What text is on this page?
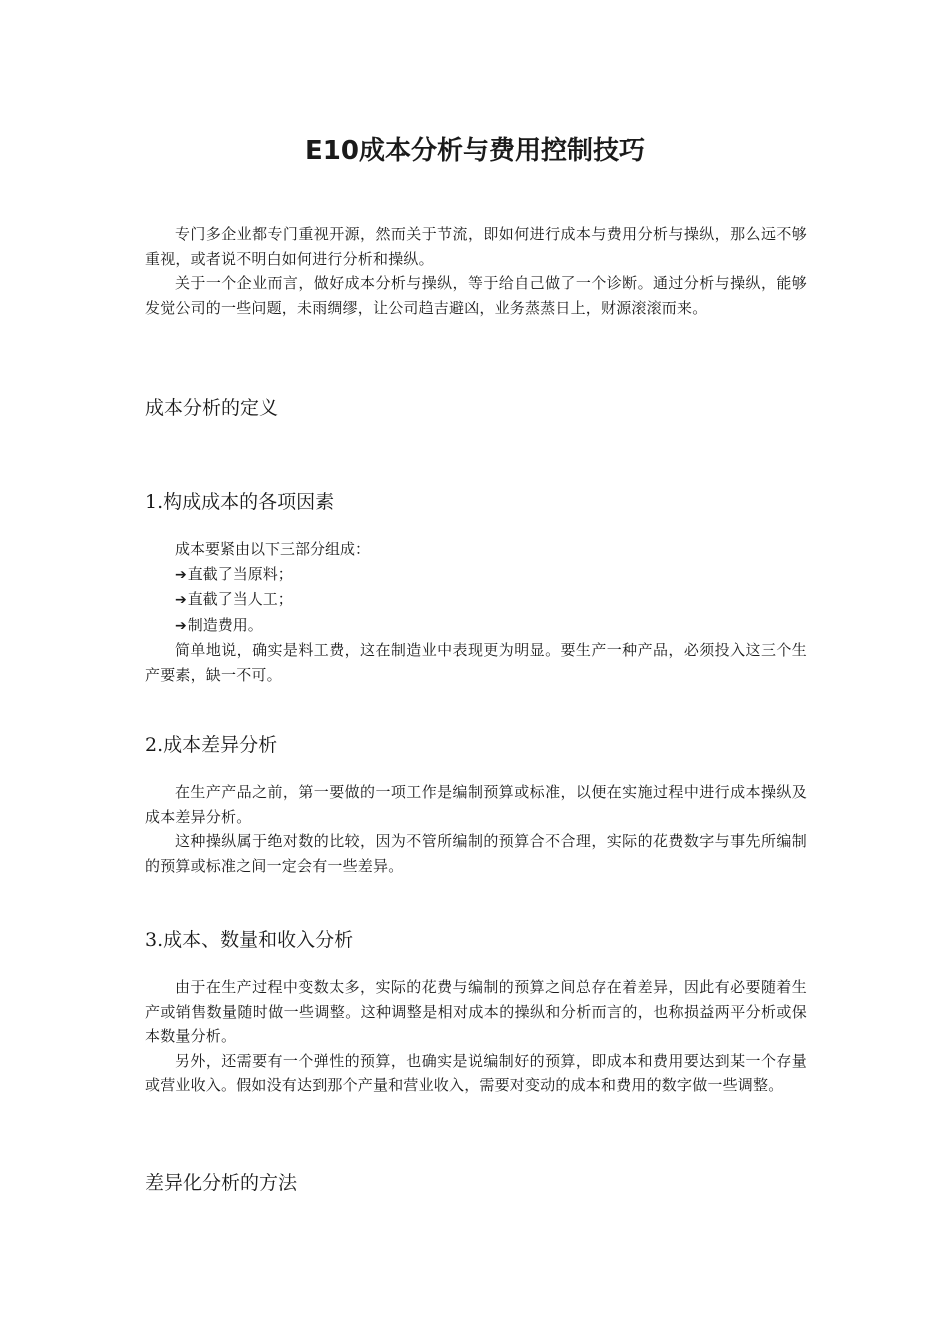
E10成本分析与费用控制技巧

专门多企业都专门重视开源，然而关于节流，即如何进行成本与费用分析与操纵，那么远不够重视，或者说不明白如何进行分析和操纵。

关于一个企业而言，做好成本分析与操纵，等于给自己做了一个诊断。通过分析与操纵，能够发觉公司的一些问题，未雨绸缪，让公司趋吉避凶，业务蒸蒸日上，财源滚滚而来。

成本分析的定义
1.构成成本的各项因素

成本要紧由以下三部分组成：

➔直截了当原料；

➔直截了当人工；

➔制造费用。

简单地说，确实是料工费，这在制造业中表现更为明显。要生产一种产品，必须投入这三个生产要素，缺一不可。

2.成本差异分析

在生产产品之前，第一要做的一项工作是编制预算或标准，以便在实施过程中进行成本操纵及成本差异分析。

这种操纵属于绝对数的比较，因为不管所编制的预算合不合理，实际的花费数字与事先所编制的预算或标准之间一定会有一些差异。

3.成本、数量和收入分析

由于在生产过程中变数太多，实际的花费与编制的预算之间总存在着差异，因此有必要随着生产或销售数量随时做一些调整。这种调整是相对成本的操纵和分析而言的，也称损益两平分析或保本数量分析。

另外，还需要有一个弹性的预算，也确实是说编制好的预算，即成本和费用要达到某一个存量或营业收入。假如没有达到那个产量和营业收入，需要对变动的成本和费用的数字做一些调整。

差异化分析的方法
